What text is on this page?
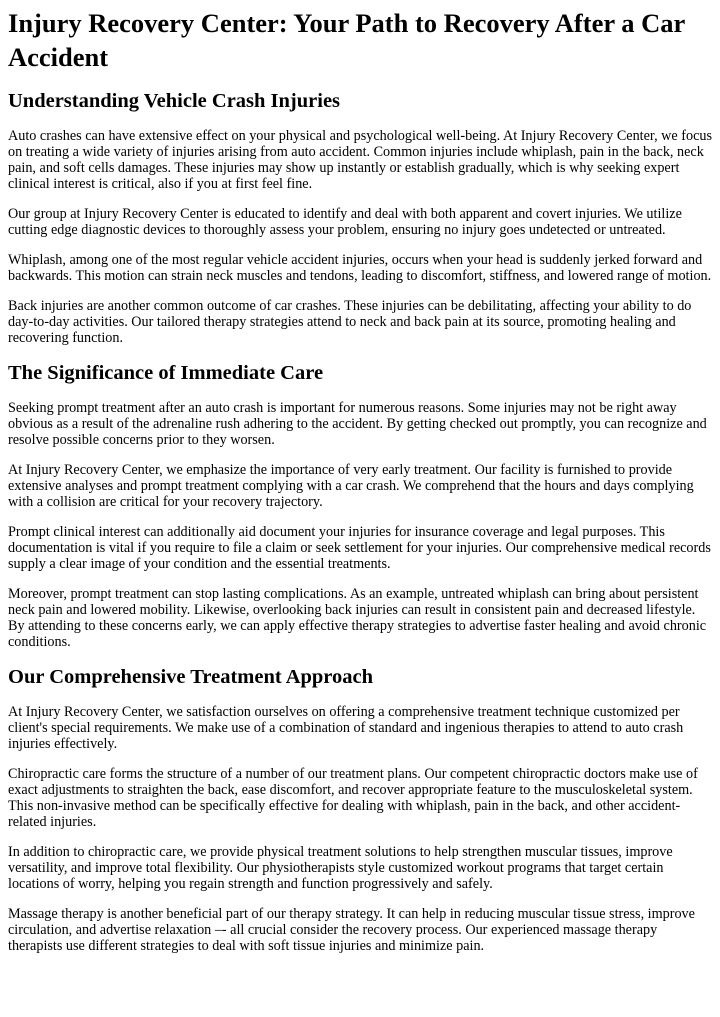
Injury Recovery Center: Your Path to Recovery After a Car Accident
Understanding Vehicle Crash Injuries

Auto crashes can have extensive effect on your physical and psychological well-being. At Injury Recovery Center, we focus on treating a wide variety of injuries arising from auto accident. Common injuries include whiplash, pain in the back, neck pain, and soft cells damages. These injuries may show up instantly or establish gradually, which is why seeking expert clinical interest is critical, also if you at first feel fine.

Our group at Injury Recovery Center is educated to identify and deal with both apparent and covert injuries. We utilize cutting edge diagnostic devices to thoroughly assess your problem, ensuring no injury goes undetected or untreated.

Whiplash, among one of the most regular vehicle accident injuries, occurs when your head is suddenly jerked forward and backwards. This motion can strain neck muscles and tendons, leading to discomfort, stiffness, and lowered range of motion.

Back injuries are another common outcome of car crashes. These injuries can be debilitating, affecting your ability to do day-to-day activities. Our tailored therapy strategies attend to neck and back pain at its source, promoting healing and recovering function.

The Significance of Immediate Care

Seeking prompt treatment after an auto crash is important for numerous reasons. Some injuries may not be right away obvious as a result of the adrenaline rush adhering to the accident. By getting checked out promptly, you can recognize and resolve possible concerns prior to they worsen.

At Injury Recovery Center, we emphasize the importance of very early treatment. Our facility is furnished to provide extensive analyses and prompt treatment complying with a car crash. We comprehend that the hours and days complying with a collision are critical for your recovery trajectory.

Prompt clinical interest can additionally aid document your injuries for insurance coverage and legal purposes. This documentation is vital if you require to file a claim or seek settlement for your injuries. Our comprehensive medical records supply a clear image of your condition and the essential treatments.

Moreover, prompt treatment can stop lasting complications. As an example, untreated whiplash can bring about persistent neck pain and lowered mobility. Likewise, overlooking back injuries can result in consistent pain and decreased lifestyle. By attending to these concerns early, we can apply effective therapy strategies to advertise faster healing and avoid chronic conditions.

Our Comprehensive Treatment Approach

At Injury Recovery Center, we satisfaction ourselves on offering a comprehensive treatment technique customized per client's special requirements. We make use of a combination of standard and ingenious therapies to attend to auto crash injuries effectively.

Chiropractic care forms the structure of a number of our treatment plans. Our competent chiropractic doctors make use of exact adjustments to straighten the back, ease discomfort, and recover appropriate feature to the musculoskeletal system. This non-invasive method can be specifically effective for dealing with whiplash, pain in the back, and other accident-related injuries.

In addition to chiropractic care, we provide physical treatment solutions to help strengthen muscular tissues, improve versatility, and improve total flexibility. Our physiotherapists style customized workout programs that target certain locations of worry, helping you regain strength and function progressively and safely.

Massage therapy is another beneficial part of our therapy strategy. It can help in reducing muscular tissue stress, improve circulation, and advertise relaxation –- all crucial consider the recovery process. Our experienced massage therapy therapists use different strategies to deal with soft tissue injuries and minimize pain.
